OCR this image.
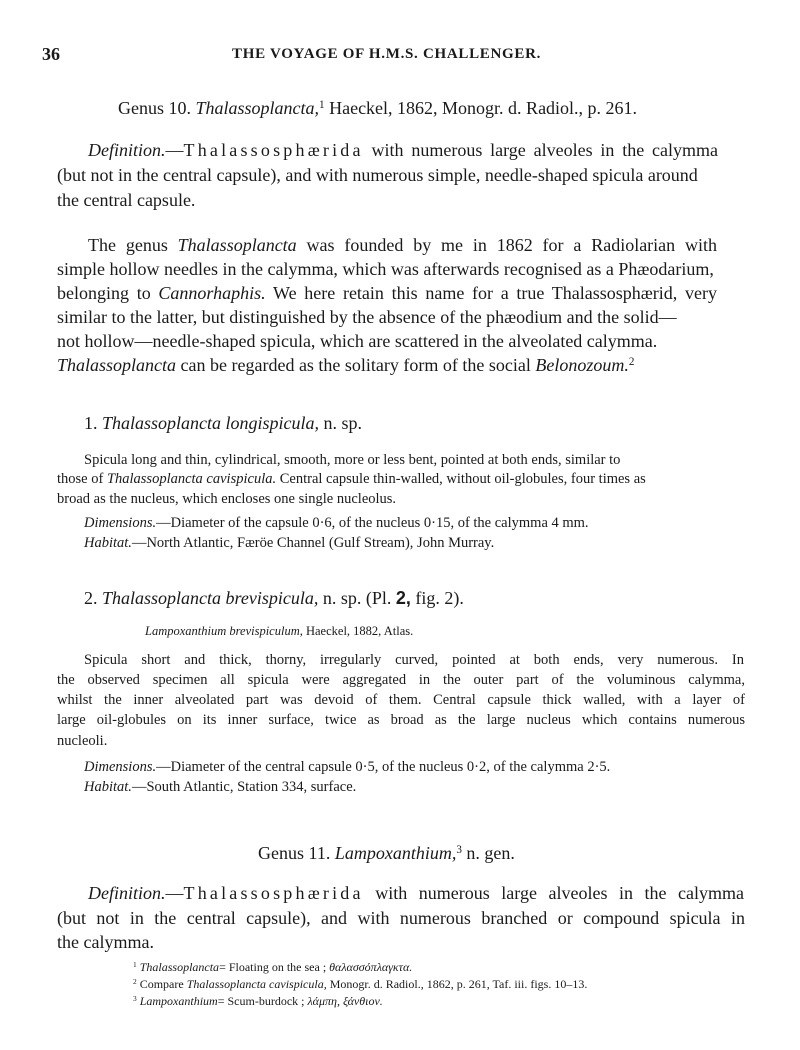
36	THE VOYAGE OF H.M.S. CHALLENGER.
Genus 10. Thalassoplancta,$^1$ Haeckel, 1862, Monogr. d. Radiol., p. 261.
Definition.—Thalassosphærida with numerous large alveoles in the calymma
(but not in the central capsule), and with numerous simple, needle-shaped spicula around
the central capsule.
The genus Thalassoplancta was founded by me in 1862 for a Radiolarian with
simple hollow needles in the calymma, which was afterwards recognised as a Phæodarium,
belonging to Cannorhaphis. We here retain this name for a true Thalassosphærid, very
similar to the latter, but distinguished by the absence of the phæodium and the solid—
not hollow—needle-shaped spicula, which are scattered in the alveolated calymma.
Thalassoplancta can be regarded as the solitary form of the social Belonozoum.$^2$
1. Thalassoplancta longispicula, n. sp.
Spicula long and thin, cylindrical, smooth, more or less bent, pointed at both ends, similar to
those of Thalassoplancta cavispicula. Central capsule thin-walled, without oil-globules, four times as
broad as the nucleus, which encloses one single nucleolus.
Dimensions.—Diameter of the capsule 0·6, of the nucleus 0·15, of the calymma 4 mm.
Habitat.—North Atlantic, Færöe Channel (Gulf Stream), John Murray.
2. Thalassoplancta brevispicula, n. sp. (Pl. 2, fig. 2).
Lampoxanthium brevispiculum, Haeckel, 1882, Atlas.
Spicula short and thick, thorny, irregularly curved, pointed at both ends, very numerous. In
the observed specimen all spicula were aggregated in the outer part of the voluminous calymma,
whilst the inner alveolated part was devoid of them. Central capsule thick walled, with a layer of
large oil-globules on its inner surface, twice as broad as the large nucleus which contains numerous
nucleoli.
Dimensions.—Diameter of the central capsule 0·5, of the nucleus 0·2, of the calymma 2·5.
Habitat.—South Atlantic, Station 334, surface.
Genus 11. Lampoxanthium,$^3$ n. gen.
Definition.—Thalassosphærida with numerous large alveoles in the calymma
(but not in the central capsule), and with numerous branched or compound spicula in
the calymma.
$^1$ Thalassoplancta= Floating on the sea ; θαλασσόπλαγκτα.
$^2$ Compare Thalassoplancta cavispicula, Monogr. d. Radiol., 1862, p. 261, Taf. iii. figs. 10–13.
$^3$ Lampoxanthium= Scum-burdock ; λάμπη, ξάνθιον.
